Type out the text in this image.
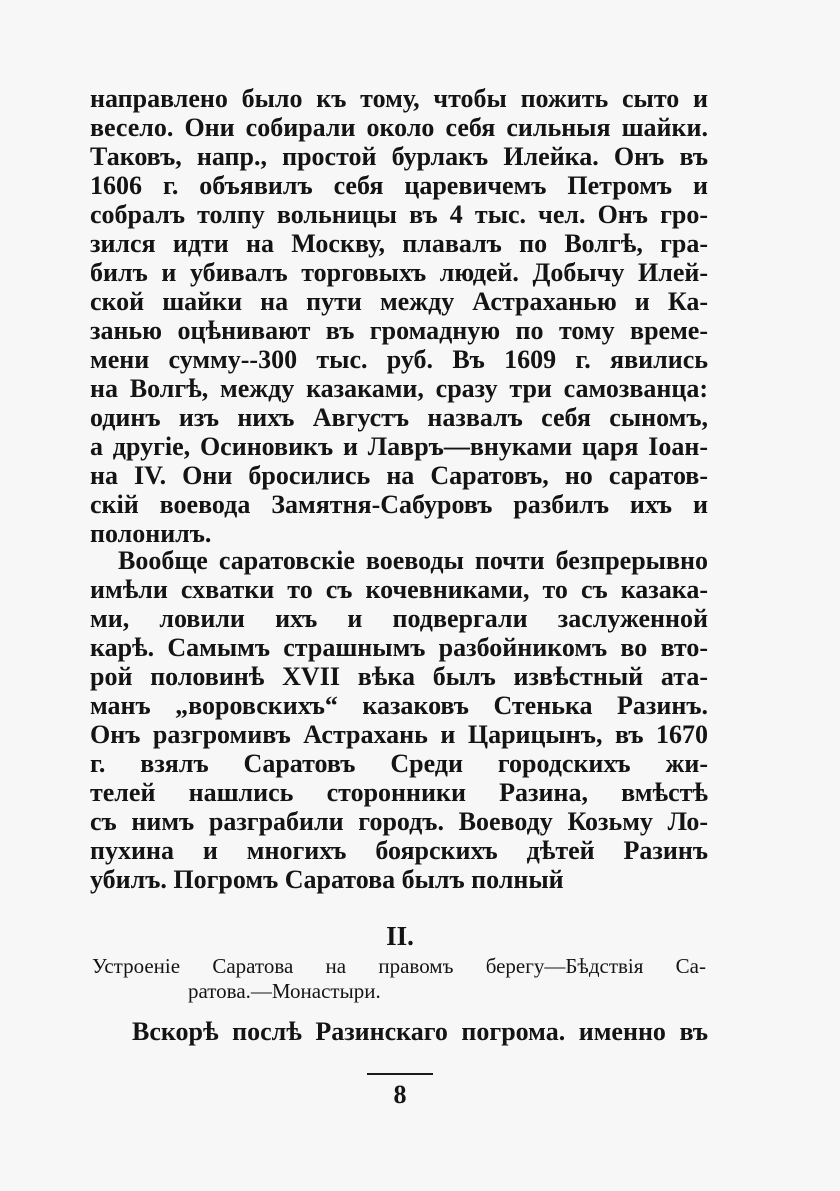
направлено было къ тому, чтобы пожить сыто и
весело. Они собирали около себя сильныя шайки.
Таковъ, напр., простой бурлакъ Илейка. Онъ въ
1606 г. объявилъ себя царевичемъ Петромъ и
собралъ толпу вольницы въ 4 тыс. чел. Онъ гро-
зился идти на Москву, плавалъ по Волгѣ, гра-
билъ и убивалъ торговыхъ людей. Добычу Илей-
ской шайки на пути между Астраханью и Ка-
занью оцѣнивают въ громадную по тому време-
мени сумму--300 тыс. руб. Въ 1609 г. явились
на Волгѣ, между казаками, сразу три самозванца:
одинъ изъ нихъ Августъ назвалъ себя сыномъ,
а другіе, Осиновикъ и Лавръ—внуками царя Іоан-
на IV. Они бросились на Саратовъ, но саратов-
скій воевода Замятня-Сабуровъ разбилъ ихъ и
полонилъ.
Вообще саратовскіе воеводы почти безпрерывно
имѣли схватки то съ кочевниками, то съ казака-
ми, ловили ихъ и подвергали заслуженной
карѣ. Самымъ страшнымъ разбойникомъ во вто-
рой половинѣ XVII вѣка былъ извѣстный ата-
манъ „воровскихъ“ казаковъ Стенька Разинъ.
Онъ разгромивъ Астрахань и Царицынъ, въ 1670
г. взялъ Саратовъ Среди городскихъ жи-
телей нашлись сторонники Разина, вмѣстѣ
съ нимъ разграбили городъ. Воеводу Козьму Ло-
пухина и многихъ боярскихъ дѣтей Разинъ
убилъ. Погромъ Саратова былъ полный
II.
Устроеніе Саратова на правомъ берегу—Бѣдствія Са-
ратова.—Монастыри.
Вскорѣ послѣ Разинскаго погрома. именно въ
8
